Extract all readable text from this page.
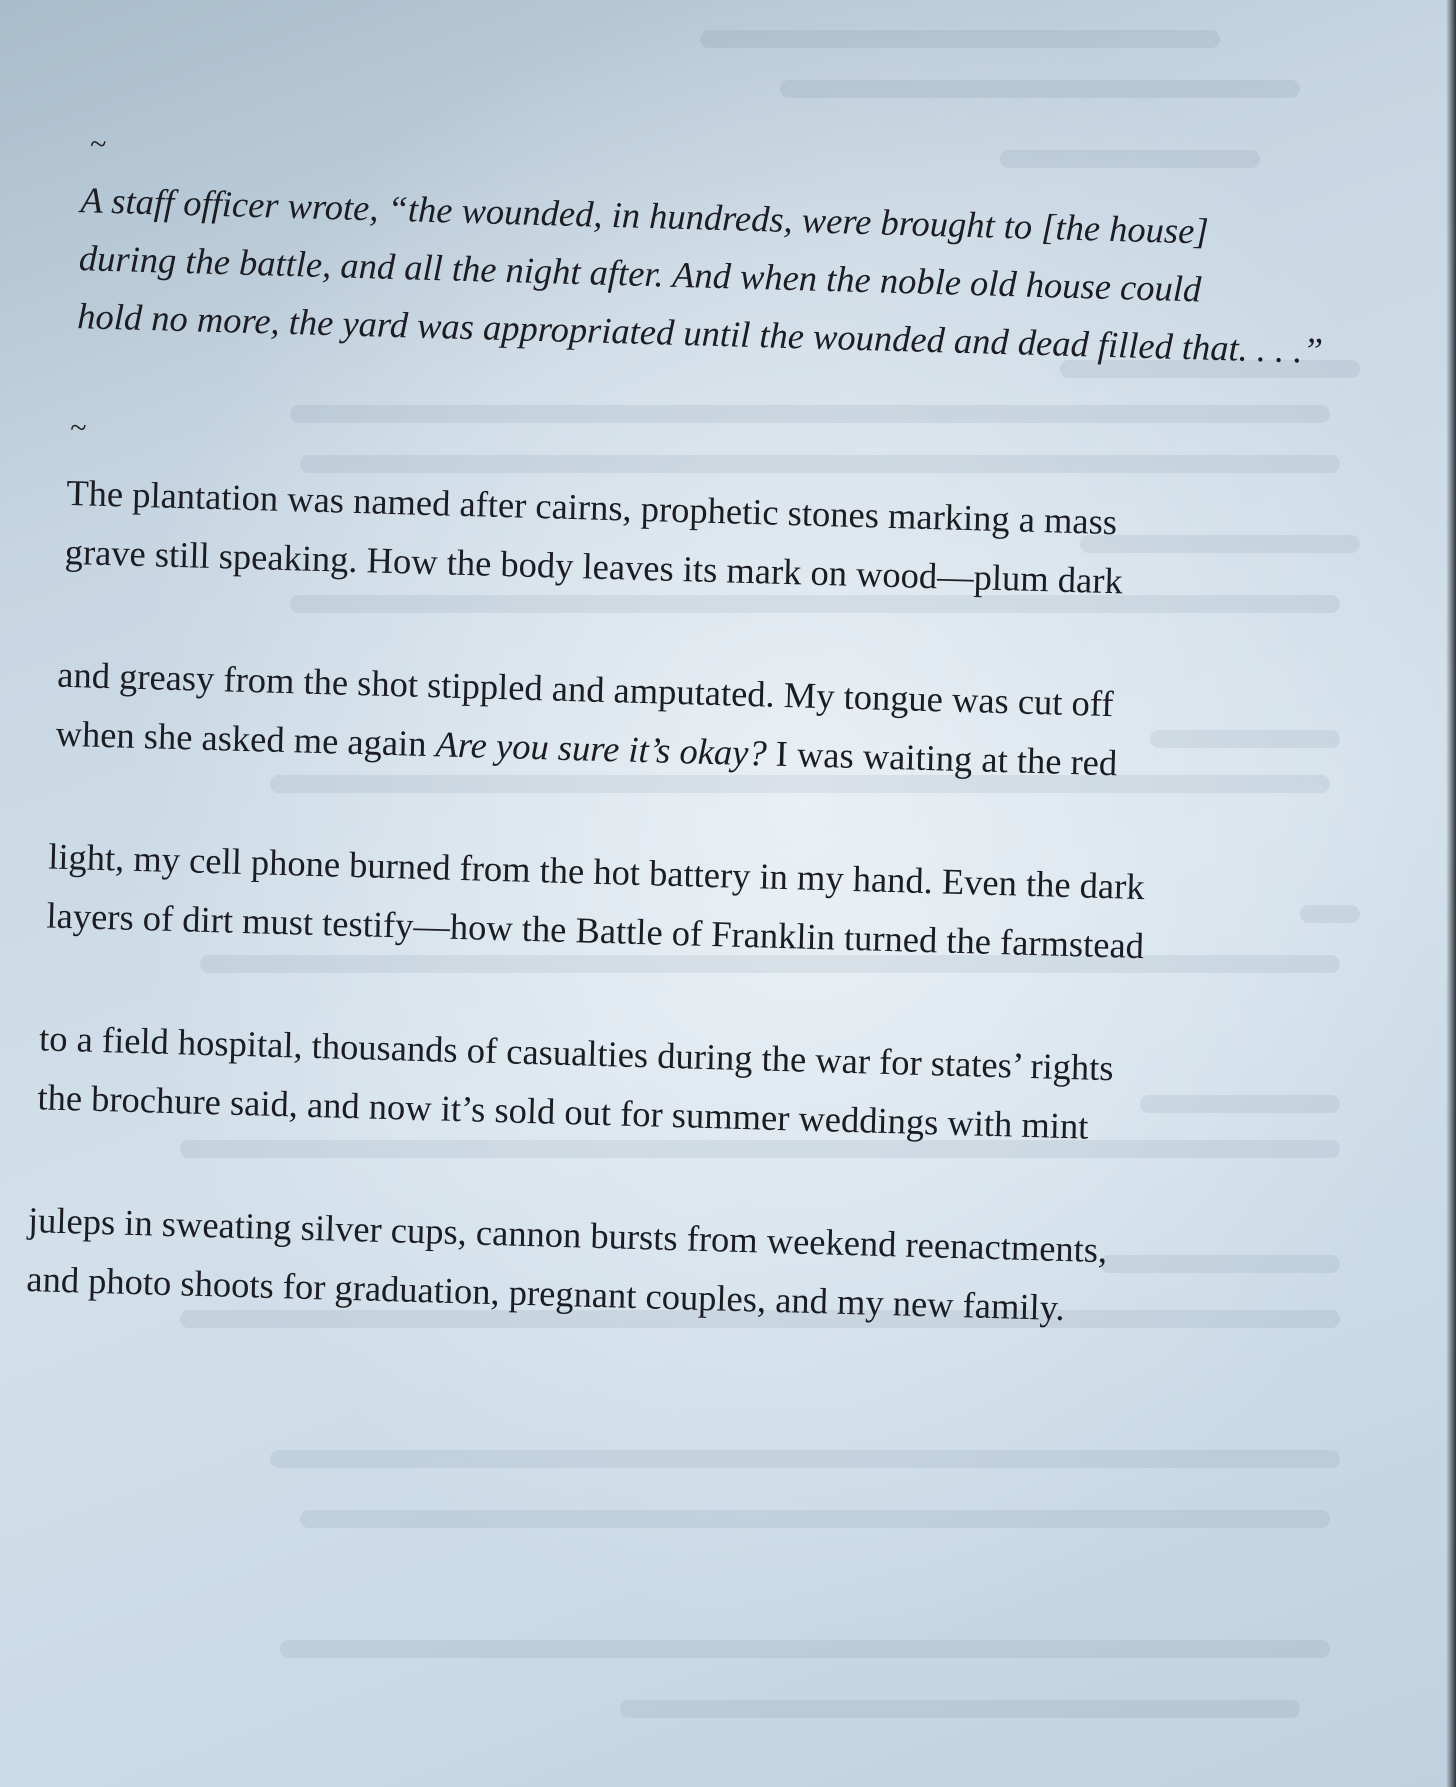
~
A staff officer wrote, “the wounded, in hundreds, were brought to [the house]
during the battle, and all the night after. And when the noble old house could
hold no more, the yard was appropriated until the wounded and dead filled that. . . .”
~
The plantation was named after cairns, prophetic stones marking a mass
grave still speaking. How the body leaves its mark on wood—plum dark
and greasy from the shot stippled and amputated. My tongue was cut off
when she asked me again Are you sure it’s okay? I was waiting at the red
light, my cell phone burned from the hot battery in my hand. Even the dark
layers of dirt must testify—how the Battle of Franklin turned the farmstead
to a field hospital, thousands of casualties during the war for states’ rights
the brochure said, and now it’s sold out for summer weddings with mint
juleps in sweating silver cups, cannon bursts from weekend reenactments,
and photo shoots for graduation, pregnant couples, and my new family.
